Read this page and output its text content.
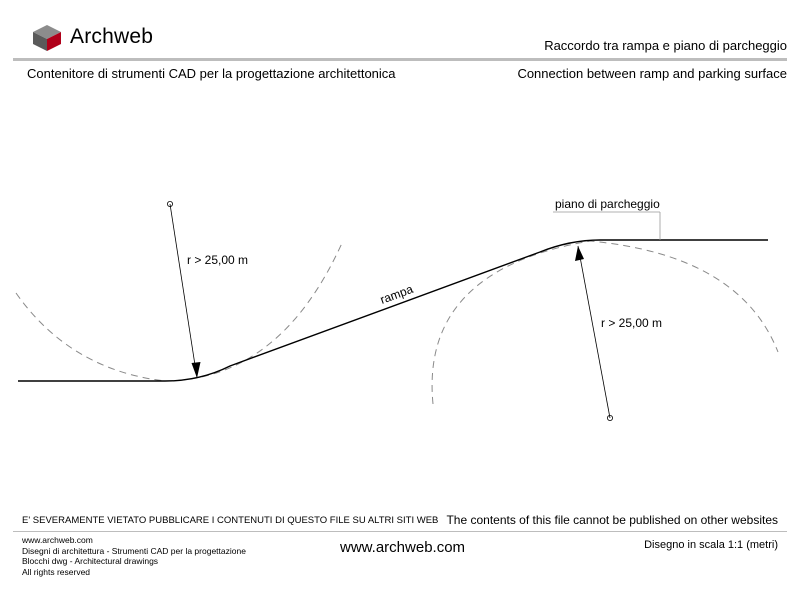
Archweb	Raccordo tra rampa e piano di parcheggio
Contenitore di strumenti CAD per la progettazione architettonica	Connection between ramp and parking surface
r > 25,00 m
rampa
piano di parcheggio
r > 25,00 m
E' SEVERAMENTE VIETATO PUBBLICARE I CONTENUTI DI QUESTO FILE SU ALTRI SITI WEB The contents of this file cannot be published on other websites
www.archweb.com
Disegni di architettura - Strumenti CAD per la progettazione
Blocchi dwg - Architectural drawings
All rights reserved
www.archweb.com	Disegno in scala 1:1 (metri)
